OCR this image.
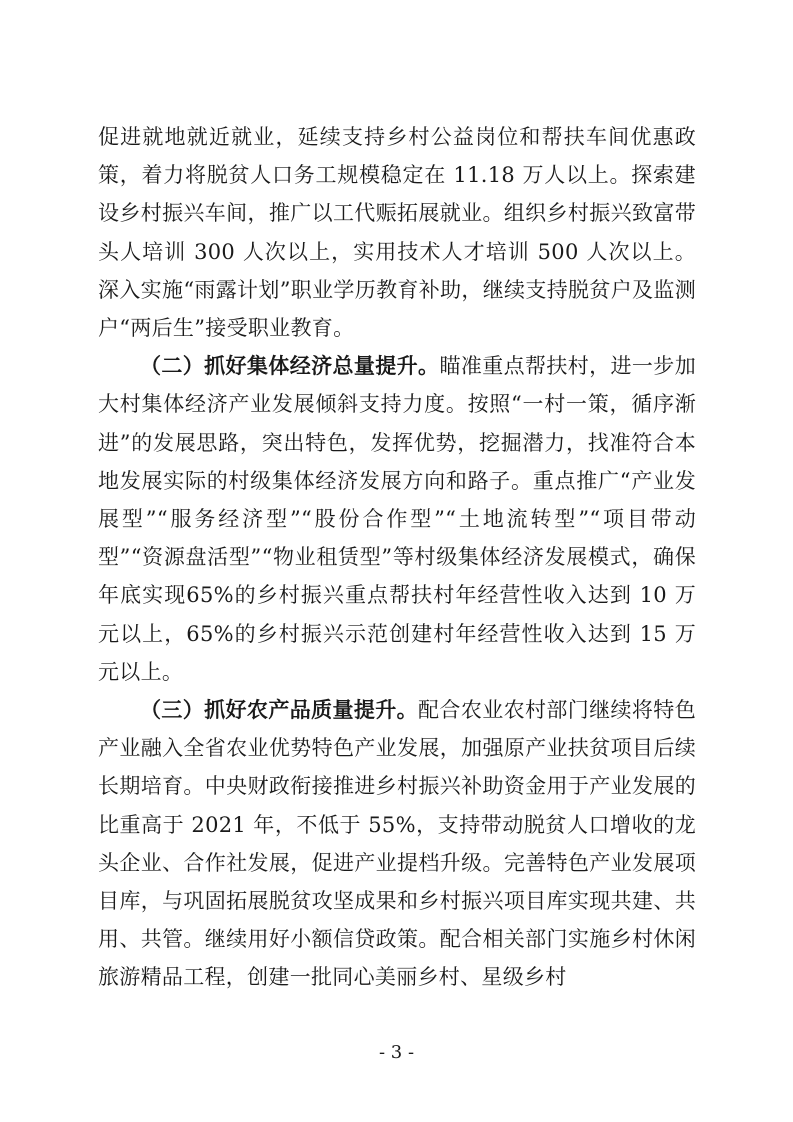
促进就地就近就业，延续支持乡村公益岗位和帮扶车间优惠政策，着力将脱贫人口务工规模稳定在 11.18 万人以上。探索建设乡村振兴车间，推广以工代赈拓展就业。组织乡村振兴致富带头人培训 300 人次以上，实用技术人才培训 500 人次以上。深入实施“雨露计划”职业学历教育补助，继续支持脱贫户及监测户“两后生”接受职业教育。

（二）抓好集体经济总量提升。瞄准重点帮扶村，进一步加大村集体经济产业发展倾斜支持力度。按照“一村一策，循序渐进”的发展思路，突出特色，发挥优势，挖掘潜力，找准符合本地发展实际的村级集体经济发展方向和路子。重点推广“产业发展型”“服务经济型”“股份合作型”“土地流转型”“项目带动型”“资源盘活型”“物业租赁型”等村级集体经济发展模式，确保年底实现65%的乡村振兴重点帮扶村年经营性收入达到 10 万元以上，65%的乡村振兴示范创建村年经营性收入达到 15 万元以上。

（三）抓好农产品质量提升。配合农业农村部门继续将特色产业融入全省农业优势特色产业发展，加强原产业扶贫项目后续长期培育。中央财政衔接推进乡村振兴补助资金用于产业发展的比重高于 2021 年，不低于 55%，支持带动脱贫人口增收的龙头企业、合作社发展，促进产业提档升级。完善特色产业发展项目库，与巩固拓展脱贫攻坚成果和乡村振兴项目库实现共建、共用、共管。继续用好小额信贷政策。配合相关部门实施乡村休闲旅游精品工程，创建一批同心美丽乡村、星级乡村

- 3 -
